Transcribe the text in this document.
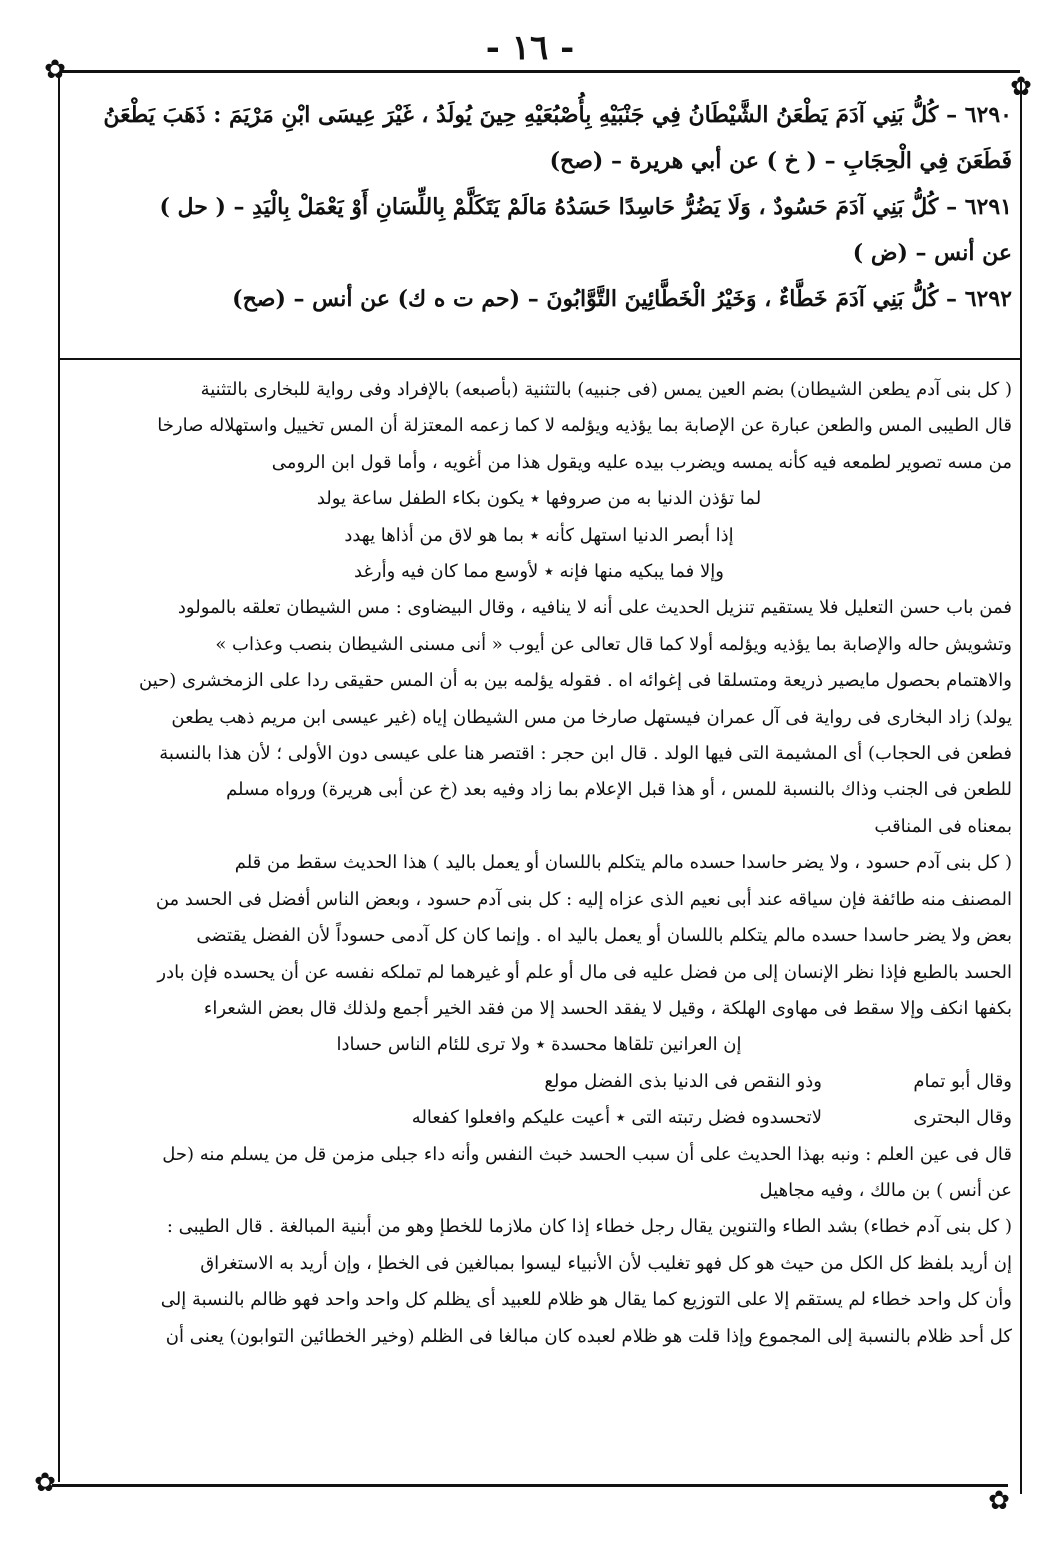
- ١٦ -
✿
✿
✿
✿

٦٢٩٠ – كُلُّ بَنِي آدَمَ يَطْعَنُ الشَّيْطَانُ فِي جَنْبَيْهِ بِأُصْبُعَيْهِ حِينَ يُولَدُ ، غَيْرَ عِيسَى ابْنِ مَرْيَمَ : ذَهَبَ يَطْعَنُ

فَطَعَنَ فِي الْحِجَابِ – ( خ ) عن أبي هريرة – (صح)

٦٢٩١ – كُلُّ بَنِي آدَمَ حَسُودٌ ، وَلَا يَضُرُّ حَاسِدًا حَسَدُهُ مَالَمْ يَتَكَلَّمْ بِاللِّسَانِ أَوْ يَعْمَلْ بِالْيَدِ – ( حل )

عن أنس – (ض )

٦٢٩٢ – كُلُّ بَنِي آدَمَ خَطَّاءٌ ، وَخَيْرُ الْخَطَّائِينَ التَّوَّابُونَ – (حم ت ه ك) عن أنس – (صح)

( كل بنى آدم يطعن الشيطان) بضم العين يمس (فى جنبيه) بالتثنية (بأصبعه) بالإفراد وفى رواية للبخارى بالتثنية

قال الطيبى المس والطعن عبارة عن الإصابة بما يؤذيه ويؤلمه لا كما زعمه المعتزلة أن المس تخييل واستهلاله صارخا

من مسه تصوير لطمعه فيه كأنه يمسه ويضرب بيده عليه ويقول هذا من أغويه ، وأما قول ابن الرومى

لما تؤذن الدنيا به من صروفها ٭ يكون بكاء الطفل ساعة يولد

إذا أبصر الدنيا استهل كأنه ٭ بما هو لاق من أذاها يهدد

وإلا فما يبكيه منها فإنه ٭ لأوسع مما كان فيه وأرغد

فمن باب حسن التعليل فلا يستقيم تنزيل الحديث على أنه لا ينافيه ، وقال البيضاوى : مس الشيطان تعلقه بالمولود

وتشويش حاله والإصابة بما يؤذيه ويؤلمه أولا كما قال تعالى عن أيوب « أنى مسنى الشيطان بنصب وعذاب »

والاهتمام بحصول مايصير ذريعة ومتسلقا فى إغوائه اه . فقوله يؤلمه بين به أن المس حقيقى ردا على الزمخشرى (حين

يولد) زاد البخارى فى رواية فى آل عمران فيستهل صارخا من مس الشيطان إياه (غير عيسى ابن مريم ذهب يطعن

فطعن فى الحجاب) أى المشيمة التى فيها الولد . قال ابن حجر : اقتصر هنا على عيسى دون الأولى ؛ لأن هذا بالنسبة

للطعن فى الجنب وذاك بالنسبة للمس ، أو هذا قبل الإعلام بما زاد وفيه بعد (خ عن أبى هريرة) ورواه مسلم

بمعناه فى المناقب

( كل بنى آدم حسود ، ولا يضر حاسدا حسده مالم يتكلم باللسان أو يعمل باليد ) هذا الحديث سقط من قلم

المصنف منه طائفة فإن سياقه عند أبى نعيم الذى عزاه إليه : كل بنى آدم حسود ، وبعض الناس أفضل فى الحسد من

بعض ولا يضر حاسدا حسده مالم يتكلم باللسان أو يعمل باليد اه . وإنما كان كل آدمى حسوداً لأن الفضل يقتضى

الحسد بالطبع فإذا نظر الإنسان إلى من فضل عليه فى مال أو علم أو غيرهما لم تملكه نفسه عن أن يحسده فإن بادر

بكفها انكف وإلا سقط فى مهاوى الهلكة ، وقيل لا يفقد الحسد إلا من فقد الخير أجمع ولذلك قال بعض الشعراء

إن العرانين تلقاها محسدة ٭ ولا ترى للئام الناس حسادا

وقال أبو تمام
وذو النقص فى الدنيا بذى الفضل مولع
وقال البحترى
لاتحسدوه فضل رتبته التى ٭ أعيت عليكم وافعلوا كفعاله

قال فى عين العلم : ونبه بهذا الحديث على أن سبب الحسد خبث النفس وأنه داء جبلى مزمن قل من يسلم منه (حل

عن أنس ) بن مالك ، وفيه مجاهيل

( كل بنى آدم خطاء) بشد الطاء والتنوين يقال رجل خطاء إذا كان ملازما للخطإ وهو من أبنية المبالغة . قال الطيبى :

إن أريد بلفظ كل الكل من حيث هو كل فهو تغليب لأن الأنبياء ليسوا بمبالغين فى الخطإ ، وإن أريد به الاستغراق

وأن كل واحد خطاء لم يستقم إلا على التوزيع كما يقال هو ظلام للعبيد أى يظلم كل واحد واحد فهو ظالم بالنسبة إلى

كل أحد ظلام بالنسبة إلى المجموع وإذا قلت هو ظلام لعبده كان مبالغا فى الظلم (وخير الخطائين التوابون) يعنى أن
